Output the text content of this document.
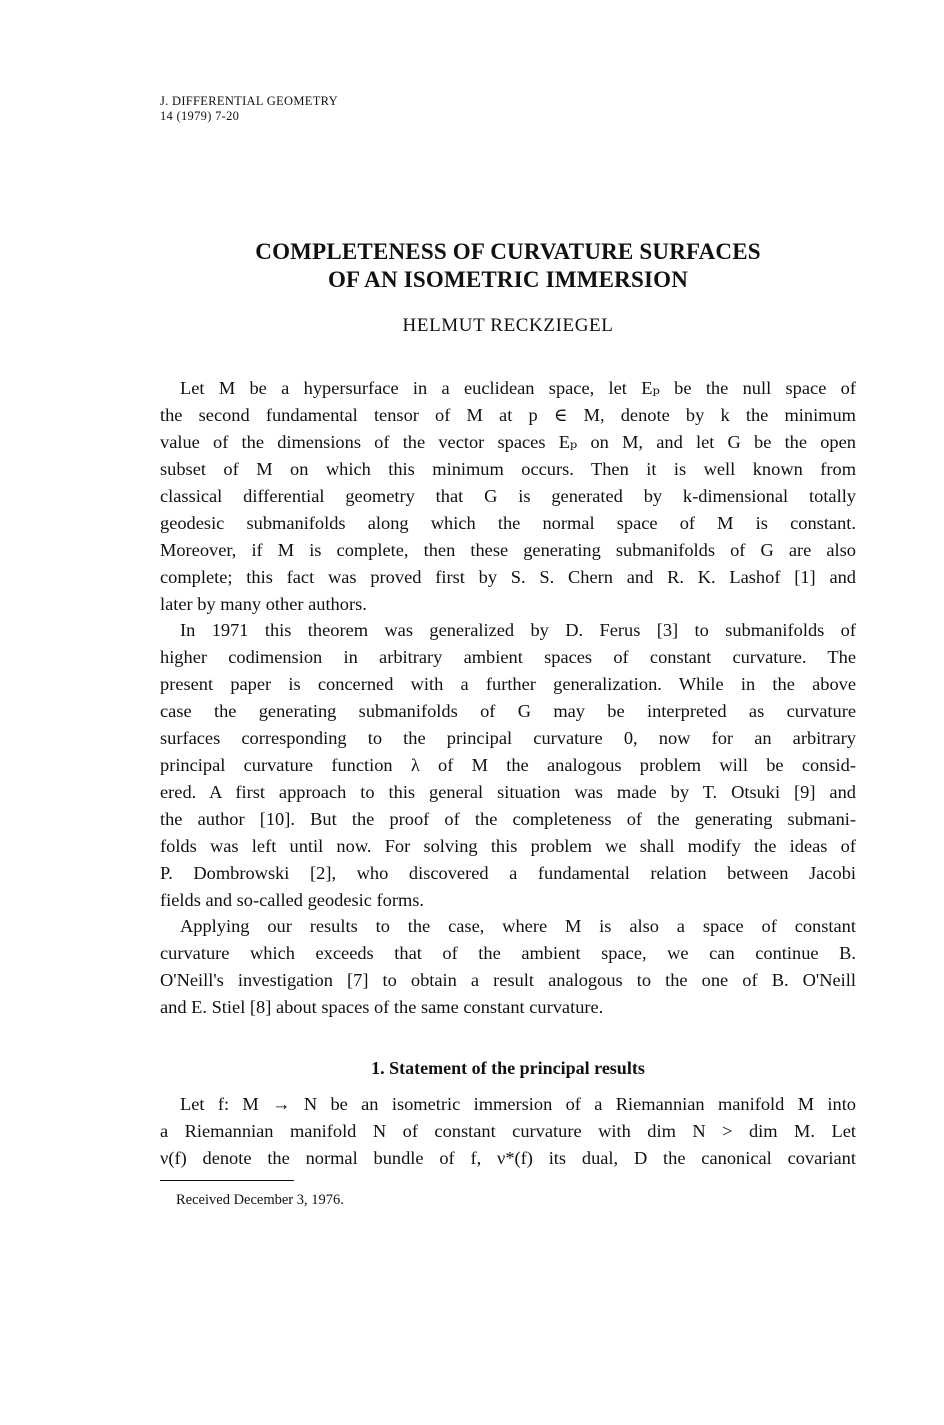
J. DIFFERENTIAL GEOMETRY
14 (1979) 7-20
COMPLETENESS OF CURVATURE SURFACES
OF AN ISOMETRIC IMMERSION
HELMUT RECKZIEGEL
Let M be a hypersurface in a euclidean space, let Eₚ be the null space of
the second fundamental tensor of M at p ∈ M, denote by k the minimum
value of the dimensions of the vector spaces Eₚ on M, and let G be the open
subset of M on which this minimum occurs. Then it is well known from
classical differential geometry that G is generated by k-dimensional totally
geodesic submanifolds along which the normal space of M is constant.
Moreover, if M is complete, then these generating submanifolds of G are also
complete; this fact was proved first by S. S. Chern and R. K. Lashof [1] and
later by many other authors.
In 1971 this theorem was generalized by D. Ferus [3] to submanifolds of
higher codimension in arbitrary ambient spaces of constant curvature. The
present paper is concerned with a further generalization. While in the above
case the generating submanifolds of G may be interpreted as curvature
surfaces corresponding to the principal curvature 0, now for an arbitrary
principal curvature function λ of M the analogous problem will be consid-
ered. A first approach to this general situation was made by T. Otsuki [9] and
the author [10]. But the proof of the completeness of the generating submani-
folds was left until now. For solving this problem we shall modify the ideas of
P. Dombrowski [2], who discovered a fundamental relation between Jacobi
fields and so-called geodesic forms.
Applying our results to the case, where M is also a space of constant
curvature which exceeds that of the ambient space, we can continue B.
O'Neill's investigation [7] to obtain a result analogous to the one of B. O'Neill
and E. Stiel [8] about spaces of the same constant curvature.
1. Statement of the principal results
Let f: M → N be an isometric immersion of a Riemannian manifold M into
a Riemannian manifold N of constant curvature with dim N > dim M. Let
ν(f) denote the normal bundle of f, ν*(f) its dual, D the canonical covariant
Received December 3, 1976.
